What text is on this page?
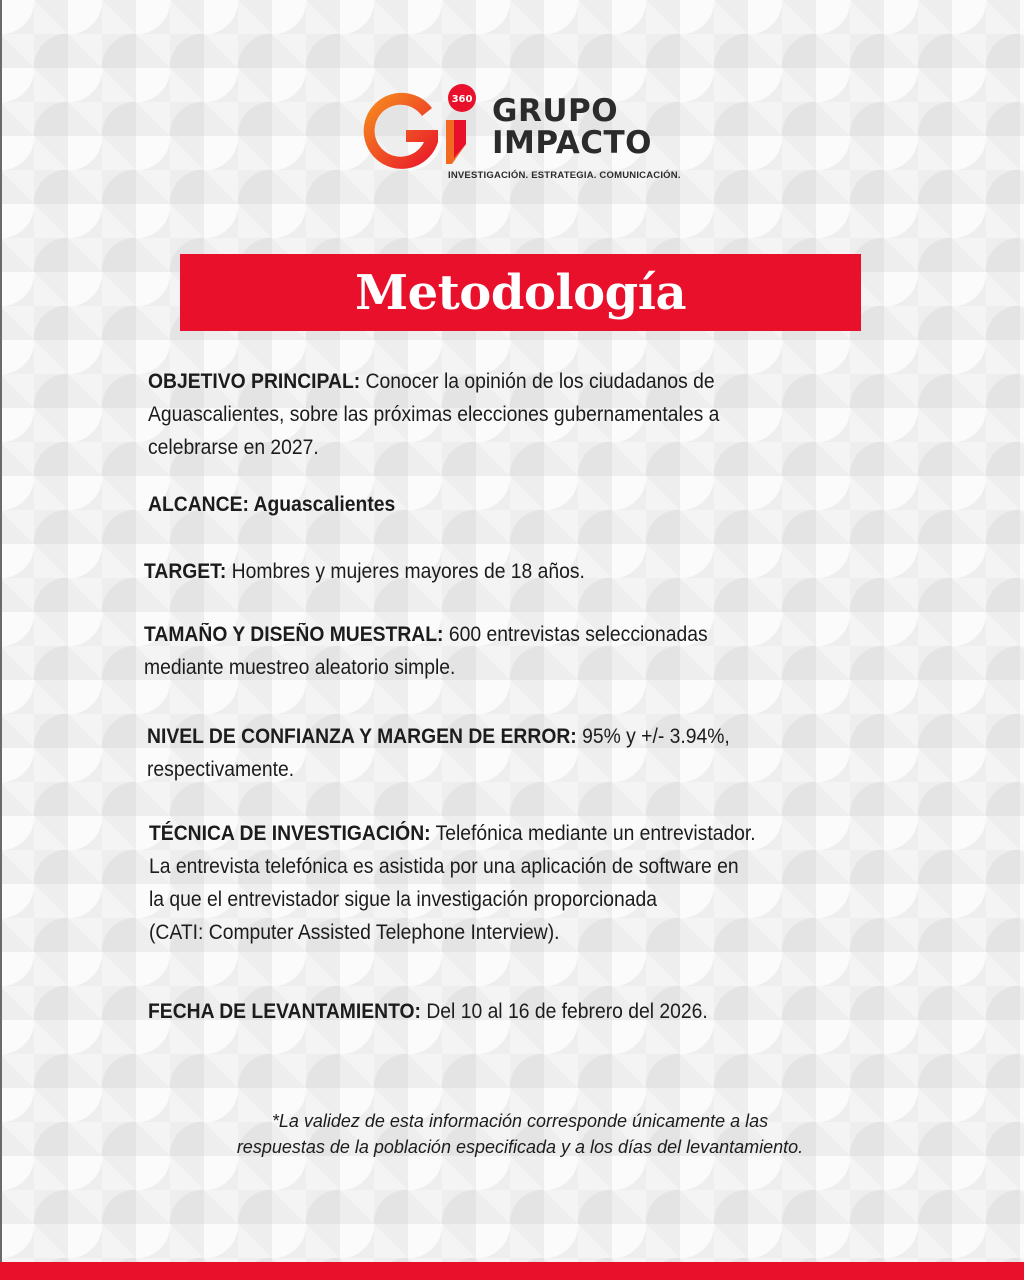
360 GRUPO
IMPACTO
INVESTIGACIÓN. ESTRATEGIA. COMUNICACIÓN.
Metodología

OBJETIVO PRINCIPAL: Conocer la opinión de los ciudadanos de

Aguascalientes, sobre las próximas elecciones gubernamentales a

celebrarse en 2027.

ALCANCE: Aguascalientes

TARGET: Hombres y mujeres mayores de 18 años.

TAMAÑO Y DISEÑO MUESTRAL: 600 entrevistas seleccionadas

mediante muestreo aleatorio simple.

NIVEL DE CONFIANZA Y MARGEN DE ERROR: 95% y +/- 3.94%,

respectivamente.

TÉCNICA DE INVESTIGACIÓN: Telefónica mediante un entrevistador.

La entrevista telefónica es asistida por una aplicación de software en

la que el entrevistador sigue la investigación proporcionada

(CATI: Computer Assisted Telephone Interview).

FECHA DE LEVANTAMIENTO: Del 10 al 16 de febrero del 2026.

*La validez de esta información corresponde únicamente a las
respuestas de la población especificada y a los días del levantamiento.
